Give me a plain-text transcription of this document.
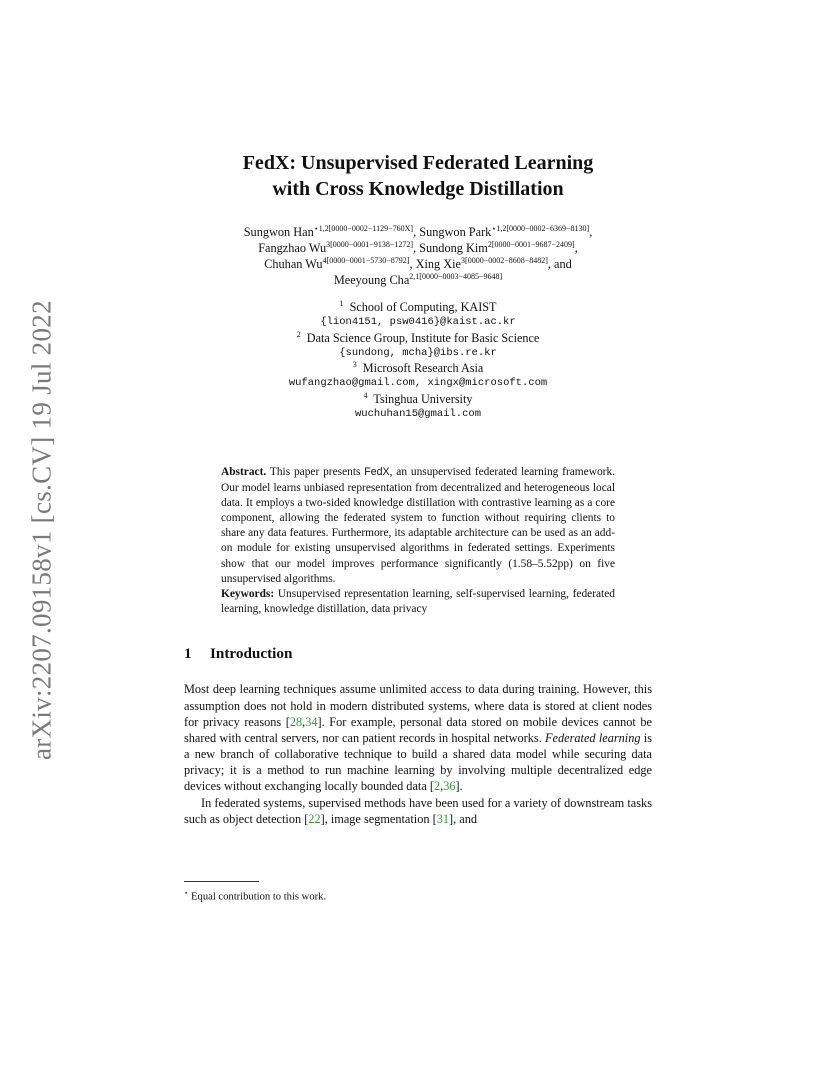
arXiv:2207.09158v1 [cs.CV] 19 Jul 2022
FedX: Unsupervised Federated Learning
with Cross Knowledge Distillation
Sungwon Han$^{⋆1,2[0000-0002-1129-760X]}$, Sungwon Park$^{⋆1,2[0000-0002-6369-8130]}$,
Fangzhao $Wu^{3[0000-0001-9138-1272]}$, Sundong Kim$^{2[0000-0001-9687-2409]}$,
Chuhan $Wu^{4[0000-0001-5730-8792]}$, Xing Xie$^{3[0000-0002-8608-8482]}$, and
Meeyoung Cha$^{2,1[0000-0003-4085-9648]}$
$^1$ School of Computing, KAIST
{lion4151, psw0416}@kaist.ac.kr
$^2$ Data Science Group, Institute for Basic Science
{sundong, mcha}@ibs.re.kr
$^3$ Microsoft Research Asia
wufangzhao@gmail.com, xingx@microsoft.com
$^4$ Tsinghua University
wuchuhan15@gmail.com

Abstract. This paper presents FedX, an unsupervised federated learning framework. Our model learns unbiased representation from decentralized and heterogeneous local data. It employs a two-sided knowledge distillation with contrastive learning as a core component, allowing the federated system to function without requiring clients to share any data features. Furthermore, its adaptable architecture can be used as an add-on module for existing unsupervised algorithms in federated settings. Experiments show that our model improves performance significantly (1.58–5.52pp) on five unsupervised algorithms.

Keywords: Unsupervised representation learning, self-supervised learning, federated learning, knowledge distillation, data privacy

1 Introduction

Most deep learning techniques assume unlimited access to data during training. However, this assumption does not hold in modern distributed systems, where data is stored at client nodes for privacy reasons [28,34]. For example, personal data stored on mobile devices cannot be shared with central servers, nor can patient records in hospital networks. Federated learning is a new branch of collaborative technique to build a shared data model while securing data privacy; it is a method to run machine learning by involving multiple decentralized edge devices without exchanging locally bounded data [2,36].

In federated systems, supervised methods have been used for a variety of downstream tasks such as object detection [22], image segmentation [31], and

⋆ Equal contribution to this work.
